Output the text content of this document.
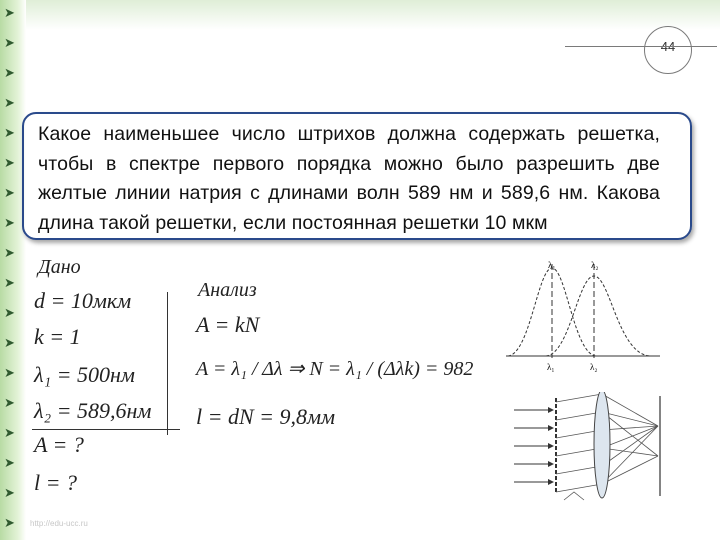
➤
➤
➤
➤
➤
➤
➤
➤
➤
➤
➤
➤
➤
➤
➤
➤
➤
➤
44
Какое наименьшее число штрихов должна содержать решетка, чтобы в спектре первого порядка можно было разрешить две желтые линии натрия с длинами волн 589 нм и 589,6 нм. Какова длина такой решетки, если постоянная решетки 10 мкм
Дано
d = 10мкм
k = 1
λ₁ = 500нм
λ₂ = 589,6нм
A = ?
l = ?
Анализ
A = kN
A = λ₁ / Δλ ⇒ N = λ₁ / (Δλk) = 982
l = dN = 9,8мм
λ₁	λ₂
λ₁	λ₂
http://edu-ucc.ru
